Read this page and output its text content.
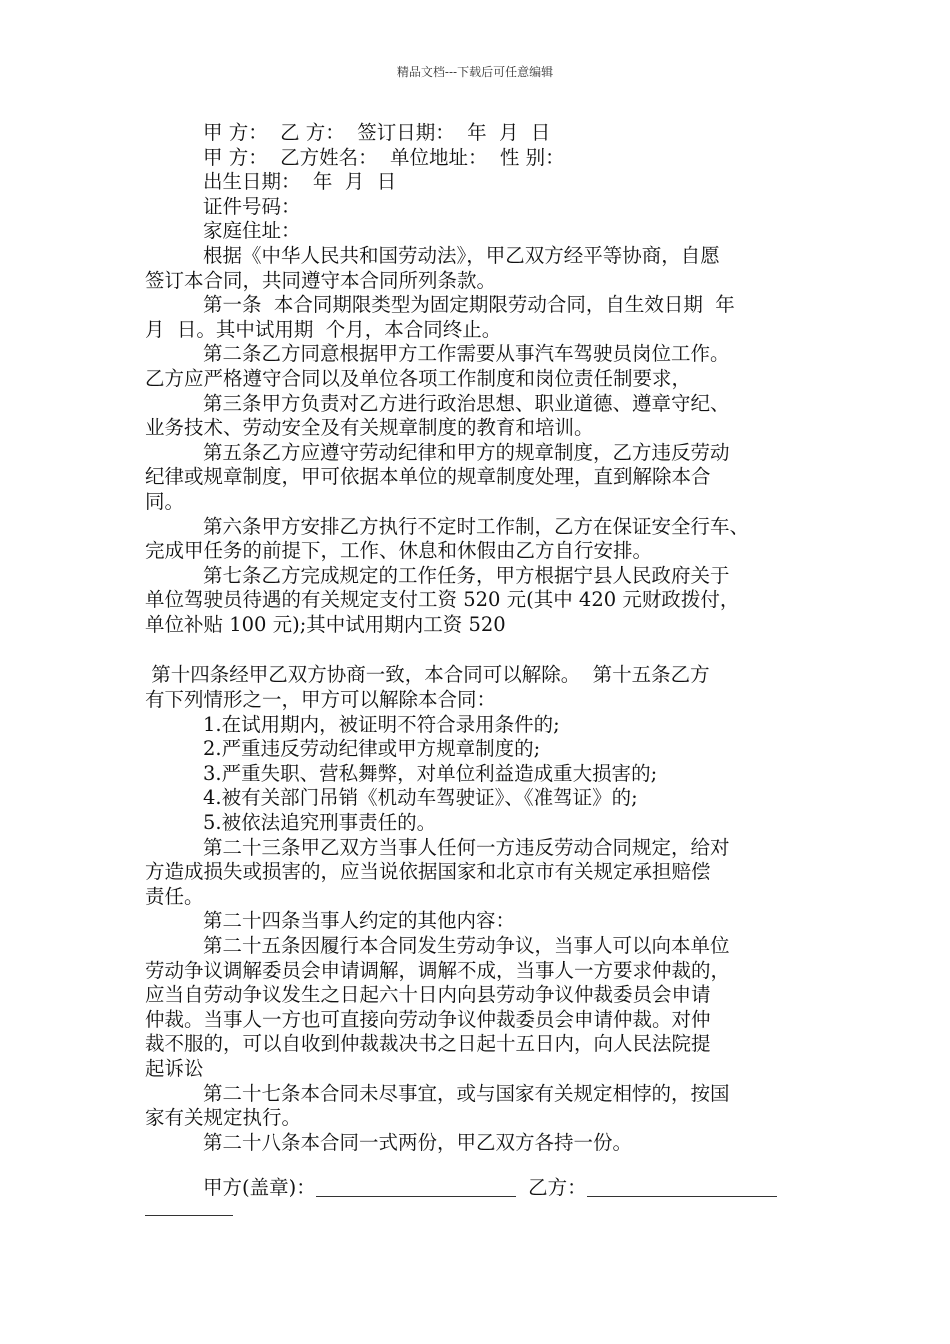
精品文档---下载后可任意编辑

甲 方：  乙 方：  签订日期：  年  月  日

甲 方：  乙方姓名：  单位地址：  性 别：

出生日期：  年  月  日

证件号码：

家庭住址：

根据《中华人民共和国劳动法》，甲乙双方经平等协商，自愿

签订本合同，共同遵守本合同所列条款。

第一条  本合同期限类型为固定期限劳动合同，自生效日期  年

月  日。其中试用期  个月，本合同终止。

第二条乙方同意根据甲方工作需要从事汽车驾驶员岗位工作。

乙方应严格遵守合同以及单位各项工作制度和岗位责任制要求，

第三条甲方负责对乙方进行政治思想、职业道德、遵章守纪、

业务技术、劳动安全及有关规章制度的教育和培训。

第五条乙方应遵守劳动纪律和甲方的规章制度，乙方违反劳动

纪律或规章制度，甲可依据本单位的规章制度处理，直到解除本合

同。

第六条甲方安排乙方执行不定时工作制，乙方在保证安全行车、

完成甲任务的前提下，工作、休息和休假由乙方自行安排。

第七条乙方完成规定的工作任务，甲方根据宁县人民政府关于

单位驾驶员待遇的有关规定支付工资 520 元(其中 420 元财政拨付，

单位补贴 100 元);其中试用期内工资 520

第十四条经甲乙双方协商一致，本合同可以解除。  第十五条乙方

有下列情形之一，甲方可以解除本合同：

1.在试用期内，被证明不符合录用条件的;

2.严重违反劳动纪律或甲方规章制度的;

3.严重失职、营私舞弊，对单位利益造成重大损害的;

4.被有关部门吊销《机动车驾驶证》、《准驾证》的;

5.被依法追究刑事责任的。

第二十三条甲乙双方当事人任何一方违反劳动合同规定，给对

方造成损失或损害的，应当说依据国家和北京市有关规定承担赔偿

责任。

第二十四条当事人约定的其他内容：

第二十五条因履行本合同发生劳动争议，当事人可以向本单位

劳动争议调解委员会申请调解，调解不成，当事人一方要求仲裁的，

应当自劳动争议发生之日起六十日内向县劳动争议仲裁委员会申请

仲裁。当事人一方也可直接向劳动争议仲裁委员会申请仲裁。对仲

裁不服的，可以自收到仲裁裁决书之日起十五日内，向人民法院提

起诉讼

第二十七条本合同未尽事宜，或与国家有关规定相悖的，按国

家有关规定执行。

第二十八条本合同一式两份，甲乙双方各持一份。

甲方(盖章)：	乙方：
